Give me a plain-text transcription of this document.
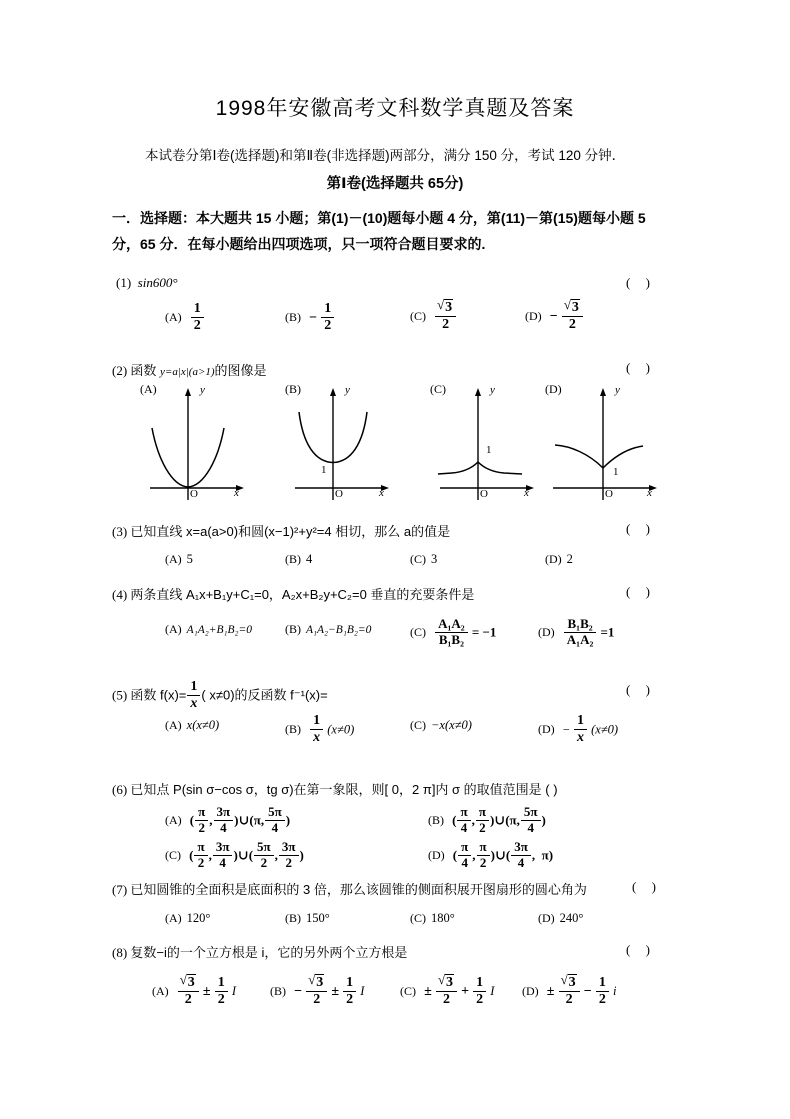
1998年安徽高考文科数学真题及答案
本试卷分第Ⅰ卷(选择题)和第Ⅱ卷(非选择题)两部分，满分 150 分，考试 120 分钟．
第Ⅰ卷(选择题共 65分)
一．选择题：本大题共 15 小题；第(1)－(10)题每小题 4 分，第(11)－第(15)题每小题 5
分，65 分．在每小题给出四项选项，只一项符合题目要求的.
(1) sin600°	( )
$(A) \frac{1}{2}$	$(B) - \frac{1}{2}$	(C) √ $\frac{3}{2}$	(D) − √ $\frac{3}{2}$
(2) 函数 y=a|x|(a>1)的图像是	( )
(A)	y
x
O
(B)	y
x
O
1
(C)	y
x
O
1
(D)	y
x
O
1
(3) 已知直线 x=a(a>0)和圆(x−1)²+y²=4 相切，那么 a的值是	( )
(A) 5	(B) 4	(C) 3	(D) 2
(4) 两条直线 A₁x+B₁y+C₁=0，A₂x+B₂y+C₂=0 垂直的充要条件是	( )
(A) A₁A₂+B₁B₂=0	(B) A₁A₂−B₁B₂=0	$(C) \frac{\text{A₁A₂}}{\text{B₁B₂}} = -1$	$(D) \frac{\text{B₁B₂}}{\text{A₁A₂}} =1$
(5) 函数 $f(x)= \frac{1}{x}$ ( x≠0)的反函数 f⁻¹(x)=	( )
(A) x(x≠0)	$(B) \frac{1}{x} (x\ne 0)$	(C) −x(x≠0)	$(D) - \frac{1}{x} (x\ne 0)$
(6) 已知点 P(sin σ−cos σ，tg σ)在第一象限，则[ 0，2 π]内 σ 的取值范围是 ( )
(A) ( $\frac{\pi}{2}$ , $\frac{3\pi}{4}$ )∪(π, $\frac{5\pi}{4}$ )	(B) ( $\frac{\pi}{4}$ , $\frac{\pi}{2}$ )∪(π, $\frac{5\pi}{4}$ )
(C) ( $\frac{\pi}{2}$ , $\frac{3\pi}{4}$ )∪( $\frac{5\pi}{2}$ , $\frac{3\pi}{2}$ )	(D) ( $\frac{\pi}{4}$ , $\frac{\pi}{2}$ )∪( $\frac{3\pi}{4}$ ,  π)
(7) 已知圆锥的全面积是底面积的 3 倍，那么该圆锥的侧面积展开图扇形的圆心角为	( )
(A) 120°	(B) 150°	(C) 180°	(D) 240°
(8) 复数−i的一个立方根是 i，它的另外两个立方根是	( )
(A) √ $\frac{3}{2} \pm \frac{1}{2}$ I	(B) − √ $\frac{3}{2} \pm \frac{1}{2}$ I	(C) ± √ $\frac{3}{2} + \frac{1}{2}$ I (D) ± √ $\frac{3}{2} - \frac{1}{2}$ i
